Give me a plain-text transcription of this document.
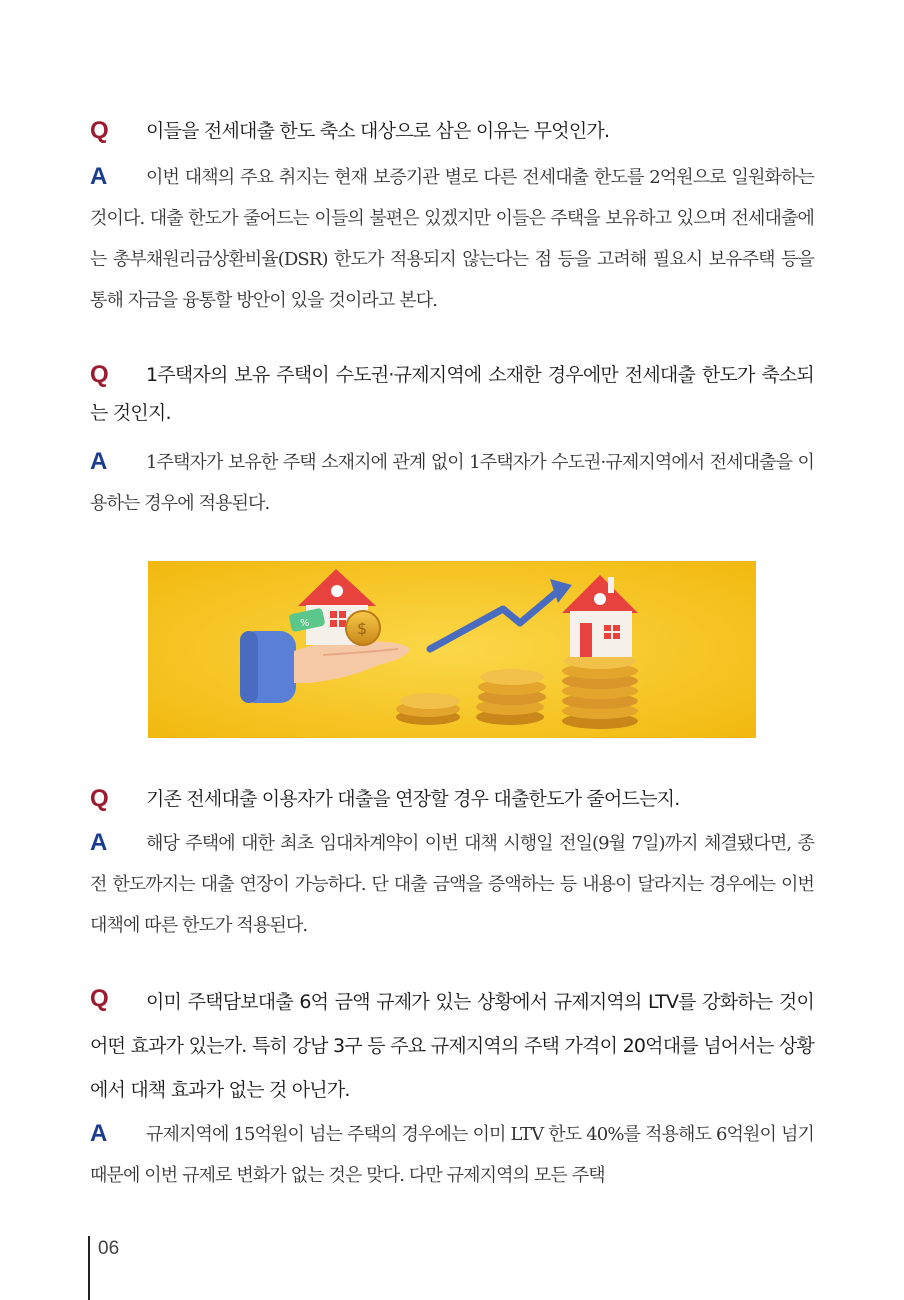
Q	이들을 전세대출 한도 축소 대상으로 삼은 이유는 무엇인가.

A	이번 대책의 주요 취지는 현재 보증기관 별로 다른 전세대출 한도를 2억원으로 일원화하는 것이다. 대출 한도가 줄어드는 이들의 불편은 있겠지만 이들은 주택을 보유하고 있으며 전세대출에는 총부채원리금상환비율(DSR) 한도가 적용되지 않는다는 점 등을 고려해 필요시 보유주택 등을 통해 자금을 융통할 방안이 있을 것이라고 본다.

Q	1주택자의 보유 주택이 수도권·규제지역에 소재한 경우에만 전세대출 한도가 축소되는 것인지.

A	1주택자가 보유한 주택 소재지에 관계 없이 1주택자가 수도권·규제지역에서 전세대출을 이용하는 경우에 적용된다.

%	$
Q	기존 전세대출 이용자가 대출을 연장할 경우 대출한도가 줄어드는지.

A	해당 주택에 대한 최초 임대차계약이 이번 대책 시행일 전일(9월 7일)까지 체결됐다면, 종전 한도까지는 대출 연장이 가능하다. 단 대출 금액을 증액하는 등 내용이 달라지는 경우에는 이번 대책에 따른 한도가 적용된다.

Q	이미 주택담보대출 6억 금액 규제가 있는 상황에서 규제지역의 LTV를 강화하는 것이 어떤 효과가 있는가. 특히 강남 3구 등 주요 규제지역의 주택 가격이 20억대를 넘어서는 상황에서 대책 효과가 없는 것 아닌가.

A	규제지역에 15억원이 넘는 주택의 경우에는 이미 LTV 한도 40%를 적용해도 6억원이 넘기 때문에 이번 규제로 변화가 없는 것은 맞다. 다만 규제지역의 모든 주택

06
